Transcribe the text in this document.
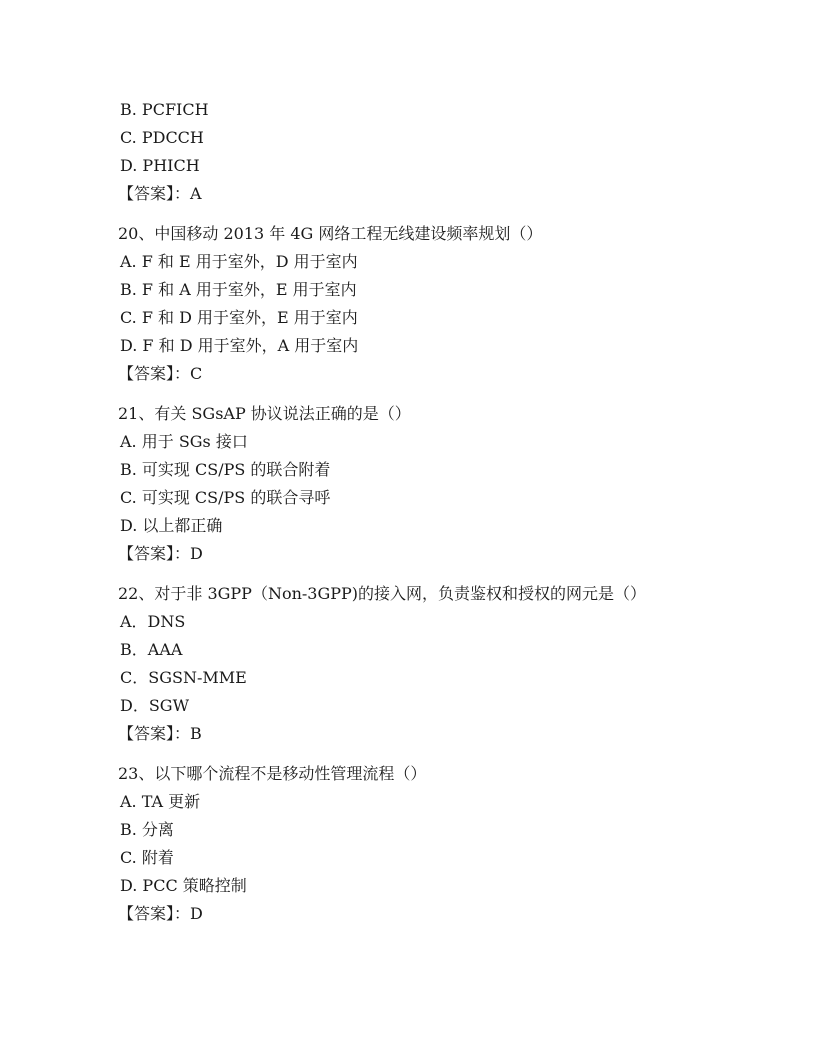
B. PCFICH
C. PDCCH
D. PHICH
【答案】：A
20、中国移动 2013 年 4G 网络工程无线建设频率规划（）
A. F 和 E 用于室外，D 用于室内
B. F 和 A 用于室外，E 用于室内
C. F 和 D 用于室外，E 用于室内
D. F 和 D 用于室外，A 用于室内
【答案】：C
21、有关 SGsAP 协议说法正确的是（）
A. 用于 SGs 接口
B. 可实现 CS/PS 的联合附着
C. 可实现 CS/PS 的联合寻呼
D. 以上都正确
【答案】：D
22、对于非 3GPP（Non-3GPP)的接入网，负责鉴权和授权的网元是（）
A．DNS
B．AAA
C．SGSN-MME
D．SGW
【答案】：B
23、以下哪个流程不是移动性管理流程（）
A. TA 更新
B. 分离
C. 附着
D. PCC 策略控制
【答案】：D
